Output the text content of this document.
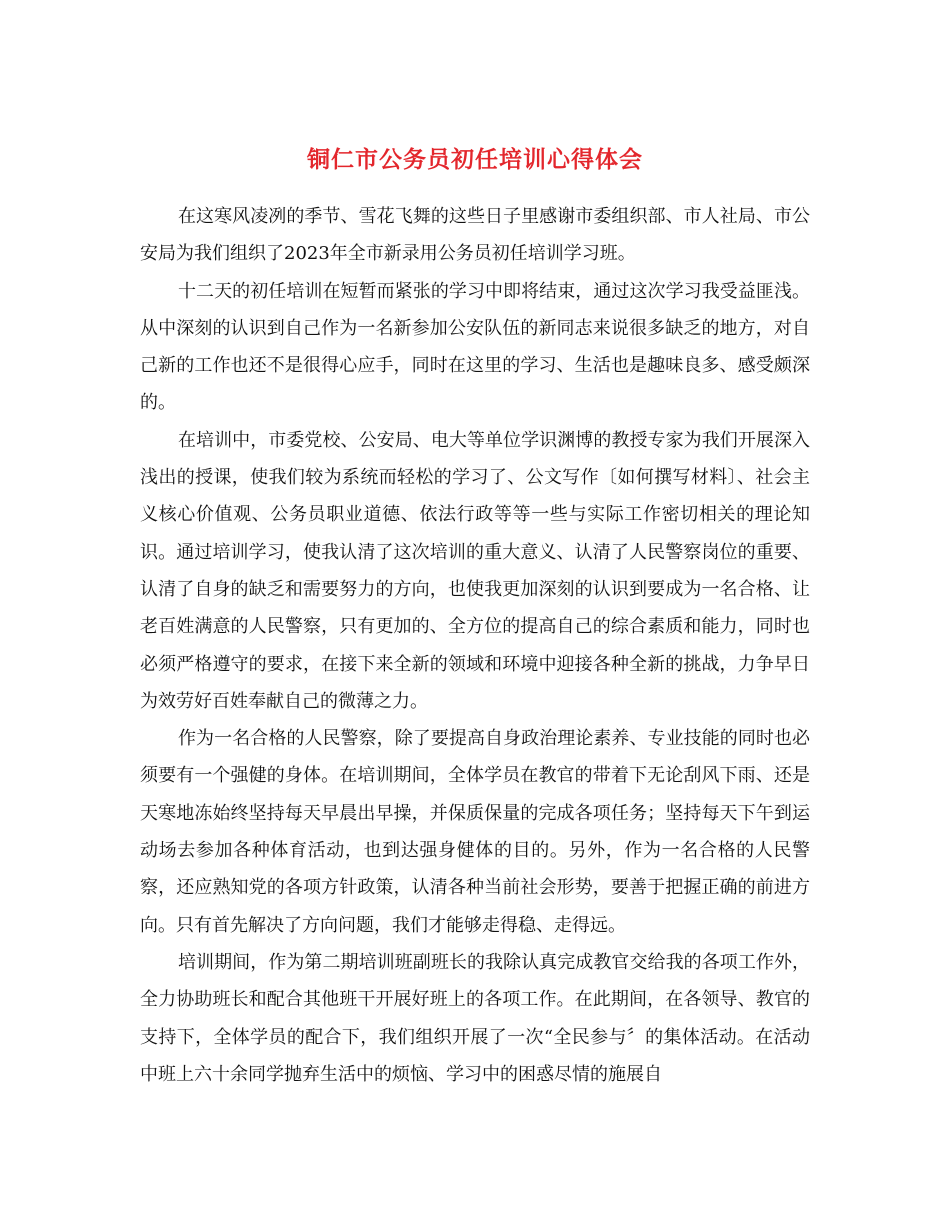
铜仁市公务员初任培训心得体会

在这寒风凌冽的季节、雪花飞舞的这些日子里感谢市委组织部、市人社局、市公安局为我们组织了2023年全市新录用公务员初任培训学习班。

十二天的初任培训在短暂而紧张的学习中即将结束，通过这次学习我受益匪浅。从中深刻的认识到自己作为一名新参加公安队伍的新同志来说很多缺乏的地方，对自己新的工作也还不是很得心应手，同时在这里的学习、生活也是趣味良多、感受颇深的。

在培训中，市委党校、公安局、电大等单位学识渊博的教授专家为我们开展深入浅出的授课，使我们较为系统而轻松的学习了、公文写作〔如何撰写材料〕、社会主义核心价值观、公务员职业道德、依法行政等等一些与实际工作密切相关的理论知识。通过培训学习，使我认清了这次培训的重大意义、认清了人民警察岗位的重要、认清了自身的缺乏和需要努力的方向，也使我更加深刻的认识到要成为一名合格、让老百姓满意的人民警察，只有更加的、全方位的提高自己的综合素质和能力，同时也必须严格遵守的要求，在接下来全新的领域和环境中迎接各种全新的挑战，力争早日为效劳好百姓奉献自己的微薄之力。

作为一名合格的人民警察，除了要提高自身政治理论素养、专业技能的同时也必须要有一个强健的身体。在培训期间，全体学员在教官的带着下无论刮风下雨、还是天寒地冻始终坚持每天早晨出早操，并保质保量的完成各项任务；坚持每天下午到运动场去参加各种体育活动，也到达强身健体的目的。另外，作为一名合格的人民警察，还应熟知党的各项方针政策，认清各种当前社会形势，要善于把握正确的前进方向。只有首先解决了方向问题，我们才能够走得稳、走得远。

培训期间，作为第二期培训班副班长的我除认真完成教官交给我的各项工作外，全力协助班长和配合其他班干开展好班上的各项工作。在此期间，在各领导、教官的支持下，全体学员的配合下，我们组织开展了一次“全民参与〞的集体活动。在活动中班上六十余同学抛弃生活中的烦恼、学习中的困惑尽情的施展自
